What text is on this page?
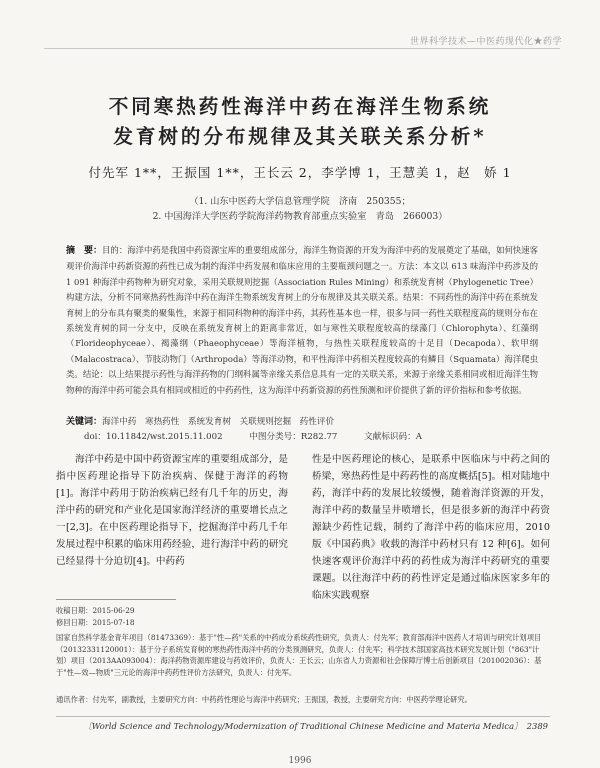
世界科学技术—中医药现代化★药学
不同寒热药性海洋中药在海洋生物系统
发育树的分布规律及其关联关系分析*
付先军 1**，王振国 1**，王长云 2，李学博 1，王慧美 1，赵　娇 1
（1. 山东中医药大学信息管理学院　济南　250355；
2. 中国海洋大学医药学院海洋药物教育部重点实验室　青岛　266003）
摘　要：目的：海洋中药是我国中药资源宝库的重要组成部分，海洋生物资源的开发为海洋中药的发展奠定了基础，如何快速客观评价海洋中药新资源的药性已成为制约海洋中药发展和临床应用的主要瓶颈问题之一。方法：本文以 613 味海洋中药涉及的 1 091 种海洋中药物种为研究对象，采用关联规则挖掘（Association Rules Mining）和系统发育树（Phylogenetic Tree）构建方法，分析不同寒热药性海洋中药在海洋生物系统发育树上的分布规律及其关联关系。结果：不同药性的海洋中药在系统发育树上的分布具有聚类的聚集性，来源于相同科物种的海洋中药，其药性基本也一样，很多与同一药性关联程度高的规则分布在系统发育树的同一分支中，反映在系统发育树上的距离非常近，如与寒性关联程度较高的绿藻门（Chlorophyta）、红藻纲（Florideophyceae）、褐藻纲（Phaeophyceae）等海洋植物，与热性关联程度较高的十足目（Decapoda）、软甲纲（Malacostraca）、节肢动物门（Arthropoda）等海洋动物，和平性海洋中药相关程度较高的有鳞目（Squamata）海洋爬虫类。结论：以上结果提示药性与海洋药物的门纲科属等亲缘关系信息具有一定的关联关系，来源于亲缘关系相同或相近海洋生物物种的海洋中药可能会具有相同或相近的中药药性，这为海洋中药新资源的药性预测和评价提供了新的评价指标和参考依据。
关键词：海洋中药　寒热药性　系统发育树　关联规则挖掘　药性评价
doi：10.11842/wst.2015.11.002	中图分类号：R282.77	文献标识码：A
海洋中药是中国中药资源宝库的重要组成部分，是指中医药理论指导下防治疾病、保健于海洋的药物[1]。海洋中药用于防治疾病已经有几千年的历史，海洋中药的研究和产业化是国家海洋经济的重要增长点之一[2,3]。在中医药理论指导下，挖掘海洋中药几千年发展过程中积累的临床用药经验，进行海洋中药的研究已经显得十分迫切[4]。中药药
性是中医药理论的核心，是联系中医临床与中药之间的桥梁，寒热药性是中药药性的高度概括[5]。相对陆地中药，海洋中药的发展比较缓慢，随着海洋资源的开发，海洋中药的数量呈井喷增长，但是很多新的海洋中药资源缺少药性记载，制约了海洋中药的临床应用，2010 版《中国药典》收载的海洋中药材只有 12 种[6]。如何快速客观评价海洋中药的药性成为海洋中药研究的重要课题。以往海洋中药的药性评定是通过临床医家多年的临床实践观察
收稿日期：2015-06-29
修回日期：2015-07-18
国家自然科学基金青年项目（81473369）：基于"性—药"关系的中药成分系统药性研究，负责人：付先军；教育部海洋中医药人才培训与研究计划项目（20132331120001）：基于分子系统发育树的寒热药性海洋中药的分类预测研究，负责人：付先军；科学技术部国家高技术研究发展计划（"863"计划）项目（2013AA093004）：海洋药物资源库建设与药效评价，负责人：王长云；山东省人力资源和社会保障厅博士后创新项目（201002036）：基于"性—效—物质"三元论的海洋中药药性评价方法研究，负责人：付先军。
通讯作者：付先军，副教授，主要研究方向：中药药性理论与海洋中药研究；王振国，教授，主要研究方向：中医药学理论研究。
〔World Science and Technology/Modernization of Traditional Chinese Medicine and Materia Medica〕　2389
1996
